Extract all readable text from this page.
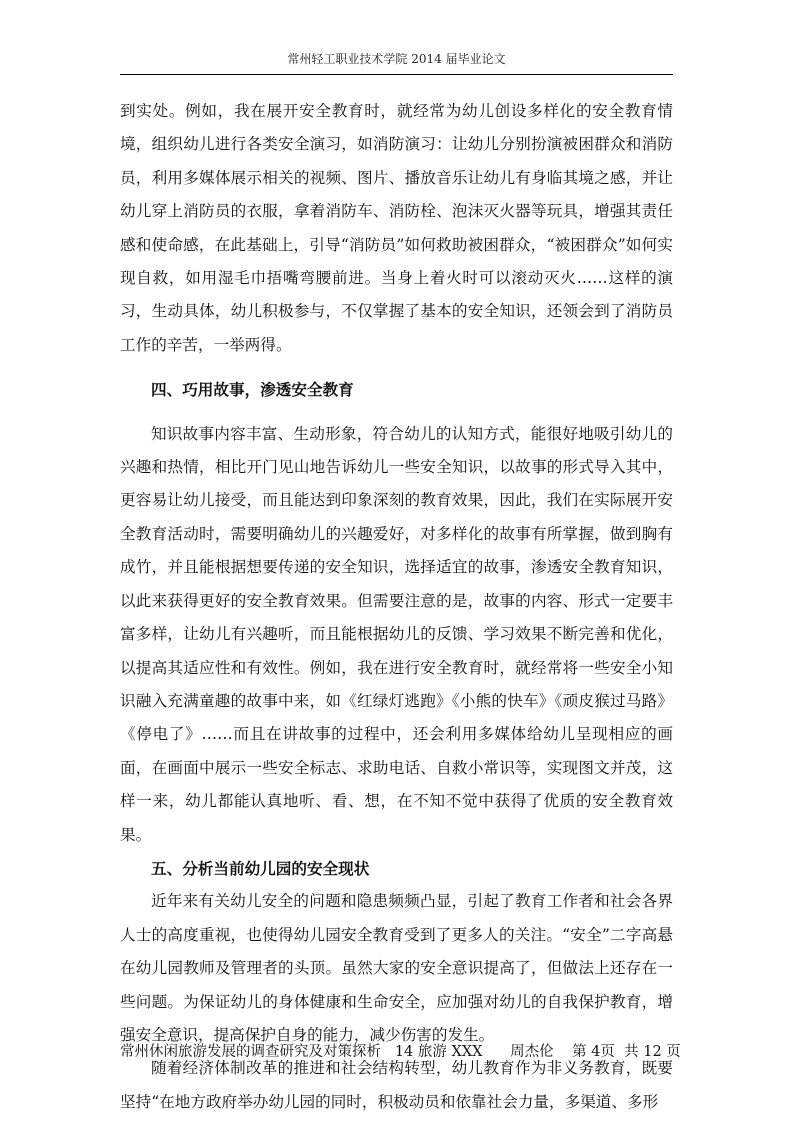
常州轻工职业技术学院 2014 届毕业论文

到实处。例如，我在展开安全教育时，就经常为幼儿创设多样化的安全教育情境，组织幼儿进行各类安全演习，如消防演习：让幼儿分别扮演被困群众和消防员，利用多媒体展示相关的视频、图片、播放音乐让幼儿有身临其境之感，并让幼儿穿上消防员的衣服，拿着消防车、消防栓、泡沫灭火器等玩具，增强其责任感和使命感，在此基础上，引导“消防员”如何救助被困群众，“被困群众”如何实现自救，如用湿毛巾捂嘴弯腰前进。当身上着火时可以滚动灭火……这样的演习，生动具体，幼儿积极参与，不仅掌握了基本的安全知识，还领会到了消防员工作的辛苦，一举两得。

四、巧用故事，渗透安全教育

知识故事内容丰富、生动形象，符合幼儿的认知方式，能很好地吸引幼儿的兴趣和热情，相比开门见山地告诉幼儿一些安全知识，以故事的形式导入其中，更容易让幼儿接受，而且能达到印象深刻的教育效果，因此，我们在实际展开安全教育活动时，需要明确幼儿的兴趣爱好，对多样化的故事有所掌握，做到胸有成竹，并且能根据想要传递的安全知识，选择适宜的故事，渗透安全教育知识，以此来获得更好的安全教育效果。但需要注意的是，故事的内容、形式一定要丰富多样，让幼儿有兴趣听，而且能根据幼儿的反馈、学习效果不断完善和优化，以提高其适应性和有效性。例如，我在进行安全教育时，就经常将一些安全小知识融入充满童趣的故事中来，如《红绿灯逃跑》《小熊的快车》《顽皮猴过马路》《停电了》……而且在讲故事的过程中，还会利用多媒体给幼儿呈现相应的画面，在画面中展示一些安全标志、求助电话、自救小常识等，实现图文并茂，这样一来，幼儿都能认真地听、看、想，在不知不觉中获得了优质的安全教育效果。

五、分析当前幼儿园的安全现状

近年来有关幼儿安全的问题和隐患频频凸显，引起了教育工作者和社会各界人士的高度重视，也使得幼儿园安全教育受到了更多人的关注。“安全”二字高悬在幼儿园教师及管理者的头顶。虽然大家的安全意识提高了，但做法上还存在一些问题。为保证幼儿的身体健康和生命安全，应加强对幼儿的自我保护教育，增强安全意识，提高保护自身的能力，减少伤害的发生。

随着经济体制改革的推进和社会结构转型，幼儿教育作为非义务教育，既要坚持“在地方政府举办幼儿园的同时，积极动员和依靠社会力量，多渠道、多形

常州休闲旅游发展的调查研究及对策探析 14 旅游 XXX 周杰伦 第 4页  共 12 页
